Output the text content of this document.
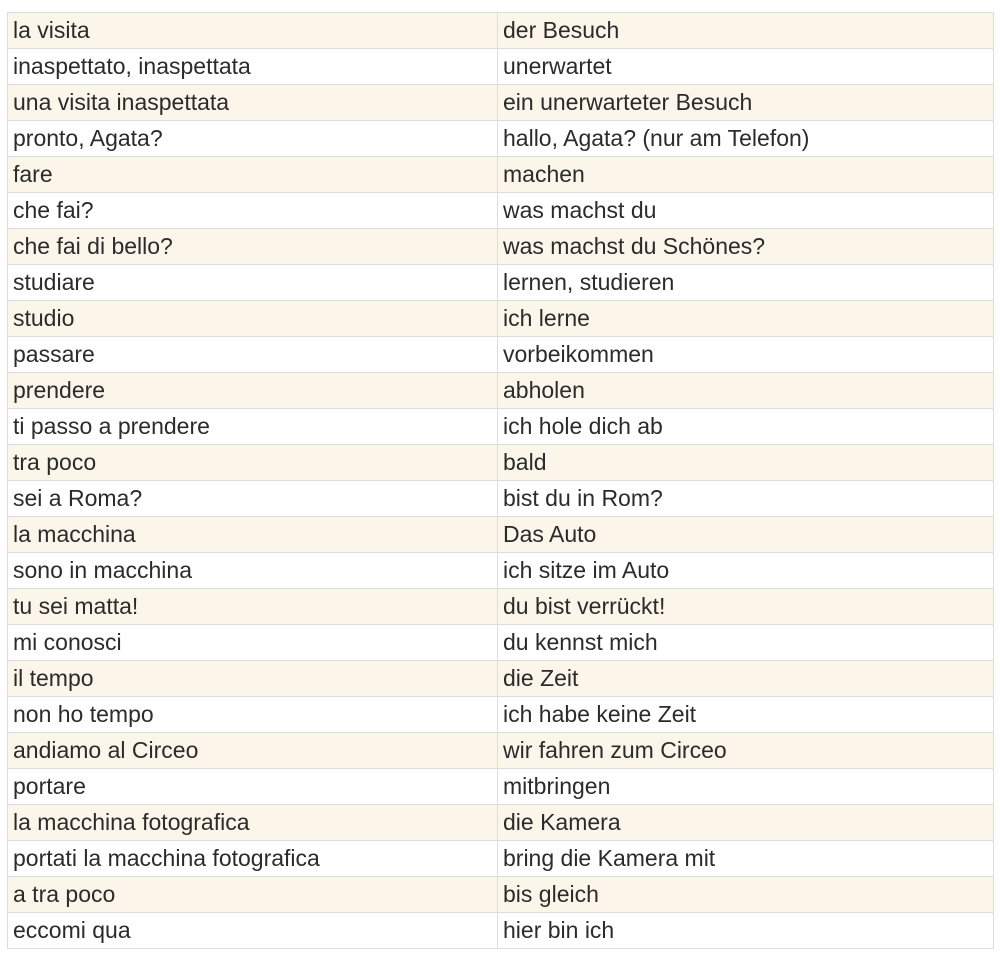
la visita	der Besuch
inaspettato, inaspettata	unerwartet
una visita inaspettata	ein unerwarteter Besuch
pronto, Agata?	hallo, Agata? (nur am Telefon)
fare	machen
che fai?	was machst du
che fai di bello?	was machst du Schönes?
studiare	lernen, studieren
studio	ich lerne
passare	vorbeikommen
prendere	abholen
ti passo a prendere	ich hole dich ab
tra poco	bald
sei a Roma?	bist du in Rom?
la macchina	Das Auto
sono in macchina	ich sitze im Auto
tu sei matta!	du bist verrückt!
mi conosci	du kennst mich
il tempo	die Zeit
non ho tempo	ich habe keine Zeit
andiamo al Circeo	wir fahren zum Circeo
portare	mitbringen
la macchina fotografica	die Kamera
portati la macchina fotografica	bring die Kamera mit
a tra poco	bis gleich
eccomi qua	hier bin ich
